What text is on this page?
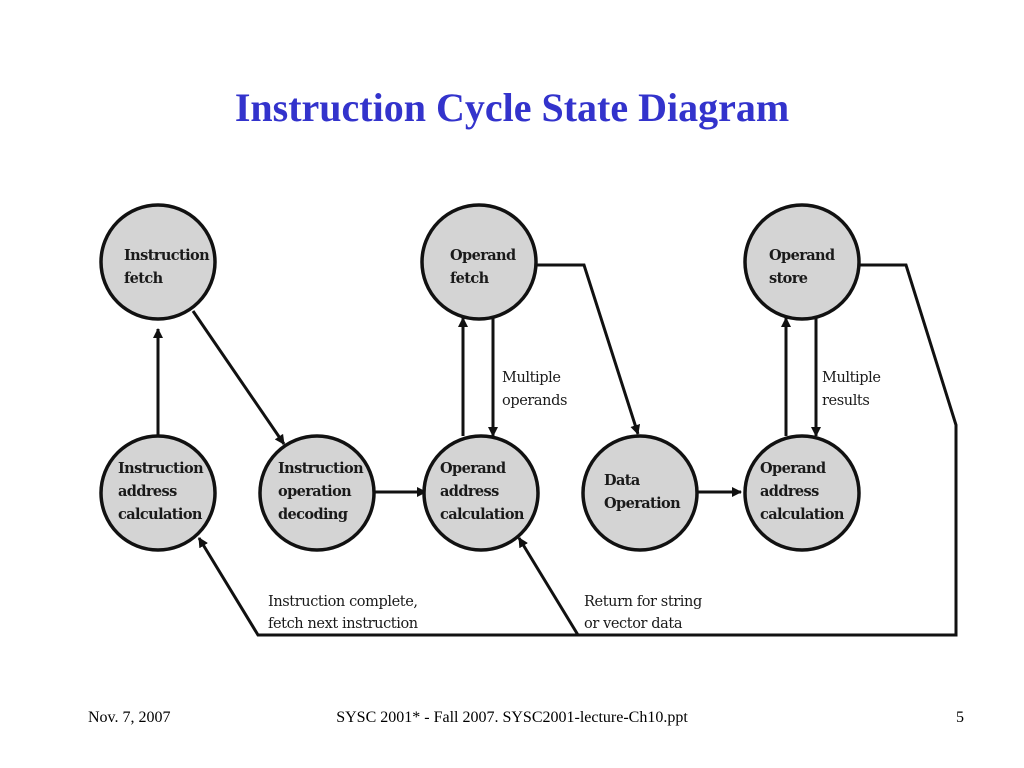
Instruction Cycle State Diagram
Instruction fetch
Operand fetch
Operand store
Instruction address calculation
Instruction operation decoding
Operand address calculation
Data Operation
Operand address calculation
Multiple operands
Multiple results
Instruction complete, fetch next instruction
Return for string or vector data
Nov. 7, 2007	SYSC 2001* - Fall 2007. SYSC2001-lecture-Ch10.ppt	5
